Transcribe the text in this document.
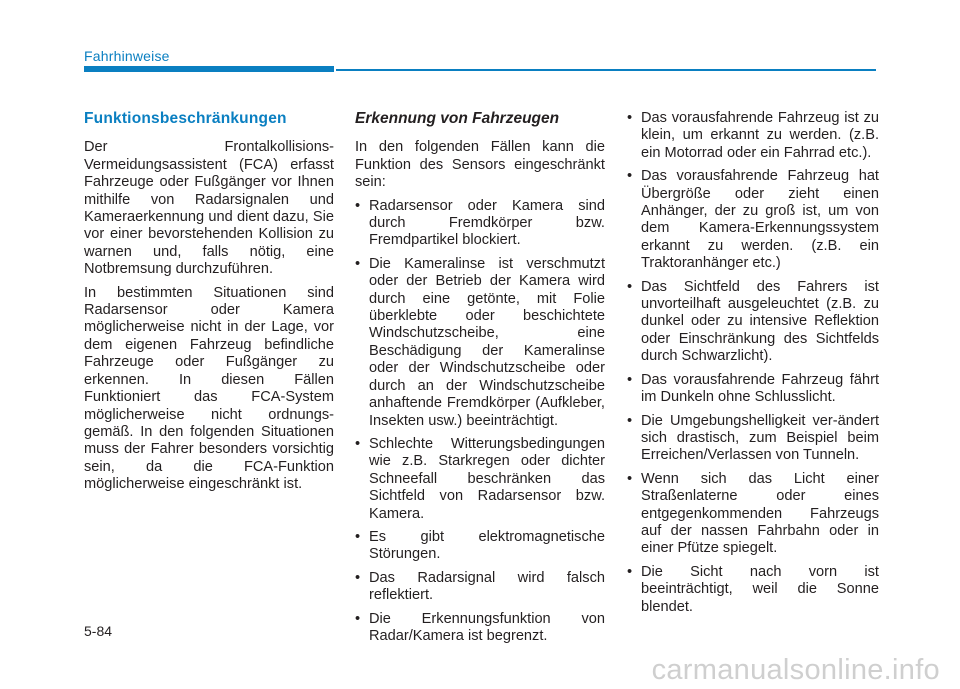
Fahrhinweise
Funktionsbeschränkungen

Der Frontalkollisions-Vermeidungsassistent (FCA) erfasst Fahrzeuge oder Fußgänger vor Ihnen mithilfe von Radarsignalen und Kameraerkennung und dient dazu, Sie vor einer bevorstehenden Kollision zu warnen und, falls nötig, eine Notbremsung durchzuführen.

In bestimmten Situationen sind Radarsensor oder Kamera möglicherweise nicht in der Lage, vor dem eigenen Fahrzeug befindliche Fahrzeuge oder Fußgänger zu erkennen. In diesen Fällen Funktioniert das FCA-System möglicherweise nicht ordnungs-gemäß. In den folgenden Situationen muss der Fahrer besonders vorsichtig sein, da die FCA-Funktion möglicherweise eingeschränkt ist.

Erkennung von Fahrzeugen

In den folgenden Fällen kann die Funktion des Sensors eingeschränkt sein:

• Radarsensor oder Kamera sind durch Fremdkörper bzw. Fremdpartikel blockiert.
• Die Kameralinse ist verschmutzt oder der Betrieb der Kamera wird durch eine getönte, mit Folie überklebte oder beschichtete Windschutzscheibe, eine Beschädigung der Kameralinse oder der Windschutzscheibe oder durch an der Windschutzscheibe anhaftende Fremdkörper (Aufkleber, Insekten usw.) beeinträchtigt.
• Schlechte Witterungsbedingungen wie z.B. Starkregen oder dichter Schneefall beschränken das Sichtfeld von Radarsensor bzw. Kamera.
• Es gibt elektromagnetische Störungen.
• Das Radarsignal wird falsch reflektiert.
• Die Erkennungsfunktion von Radar/Kamera ist begrenzt.
• Das vorausfahrende Fahrzeug ist zu klein, um erkannt zu werden. (z.B. ein Motorrad oder ein Fahrrad etc.).
• Das vorausfahrende Fahrzeug hat Übergröße oder zieht einen Anhänger, der zu groß ist, um von dem Kamera-Erkennungssystem erkannt zu werden. (z.B. ein Traktoranhänger etc.)
• Das Sichtfeld des Fahrers ist unvorteilhaft ausgeleuchtet (z.B. zu dunkel oder zu intensive Reflektion oder Einschränkung des Sichtfelds durch Schwarzlicht).
• Das vorausfahrende Fahrzeug fährt im Dunkeln ohne Schlusslicht.
• Die Umgebungshelligkeit ver-ändert sich drastisch, zum Beispiel beim Erreichen/Verlassen von Tunneln.
• Wenn sich das Licht einer Straßenlaterne oder eines entgegenkommenden Fahrzeugs auf der nassen Fahrbahn oder in einer Pfütze spiegelt.
• Die Sicht nach vorn ist beeinträchtigt, weil die Sonne blendet.
5-84
carmanualsonline.info
